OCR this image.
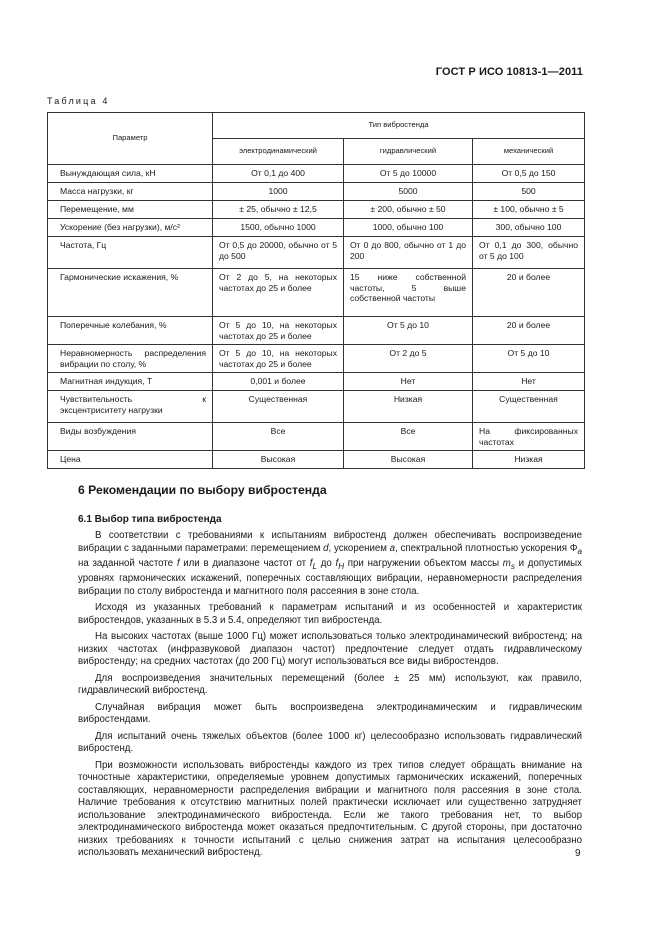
ГОСТ Р ИСО 10813-1—2011
Таблица 4
Параметр	Тип вибростенда		
	электродинамический	гидравлический	механический
Вынуждающая сила, кН	От 0,1 до 400	От 5 до 10000	От 0,5 до 150
Масса нагрузки, кг	1000	5000	500
Перемещение, мм	± 25, обычно ± 12,5	± 200, обычно ± 50	± 100, обычно ± 5
Ускорение (без нагрузки), м/с²	1500, обычно 1000	1000, обычно 100	300, обычно 100
Частота, Гц	От 0,5 до 20000, обычно от 5 до 500	От 0 до 800, обычно от 1 до 200	От 0,1 до 300, обычно от 5 до 100
Гармонические искажения, %	От 2 до 5, на некоторых частотах до 25 и более	15 ниже собственной частоты, 5 выше собственной частоты	20 и более
Поперечные колебания, %	От 5 до 10, на некоторых частотах до 25 и более	От 5 до 10	20 и более
Неравномерность распределения вибрации по столу, %	От 5 до 10, на некоторых частотах до 25 и более	От 2 до 5	От 5 до 10
Магнитная индукция, Т	0,001 и более	Нет	Нет
Чувствительность к эксцентриситету нагрузки	Существенная	Низкая	Существенная
Виды возбуждения	Все	Все	На фиксированных частотах
Цена	Высокая	Высокая	Низкая
6 Рекомендации по выбору вибростенда
6.1 Выбор типа вибростенда

В соответствии с требованиями к испытаниям вибростенд должен обеспечивать воспроизведение вибрации с заданными параметрами: перемещением d, ускорением a, спектральной плотностью ускорения $\Phi_a$ на заданной частоте f или в диапазоне частот от $f_L$ до $f_H$ при нагружении объектом массы $m_s$ и допустимых уровнях гармонических искажений, поперечных составляющих вибрации, неравномерности распределения вибрации по столу вибростенда и магнитного поля рассеяния в зоне стола.

Исходя из указанных требований к параметрам испытаний и из особенностей и характеристик вибростендов, указанных в 5.3 и 5.4, определяют тип вибростенда.

На высоких частотах (выше 1000 Гц) может использоваться только электродинамический вибростенд; на низких частотах (инфразвуковой диапазон частот) предпочтение следует отдать гидравлическому вибростенду; на средних частотах (до 200 Гц) могут использоваться все виды вибростендов.

Для воспроизведения значительных перемещений (более ± 25 мм) используют, как правило, гидравлический вибростенд.

Случайная вибрация может быть воспроизведена электродинамическим и гидравлическим вибростендами.

Для испытаний очень тяжелых объектов (более 1000 кг) целесообразно использовать гидравлический вибростенд.

При возможности использовать вибростенды каждого из трех типов следует обращать внимание на точностные характеристики, определяемые уровнем допустимых гармонических искажений, поперечных составляющих, неравномерности распределения вибрации и магнитного поля рассеяния в зоне стола. Наличие требования к отсутствию магнитных полей практически исключает или существенно затрудняет использование электродинамического вибростенда. Если же такого требования нет, то выбор электродинамического вибростенда может оказаться предпочтительным. С другой стороны, при достаточно низких требованиях к точности испытаний с целью снижения затрат на испытания целесообразно использовать механический вибростенд.	9
